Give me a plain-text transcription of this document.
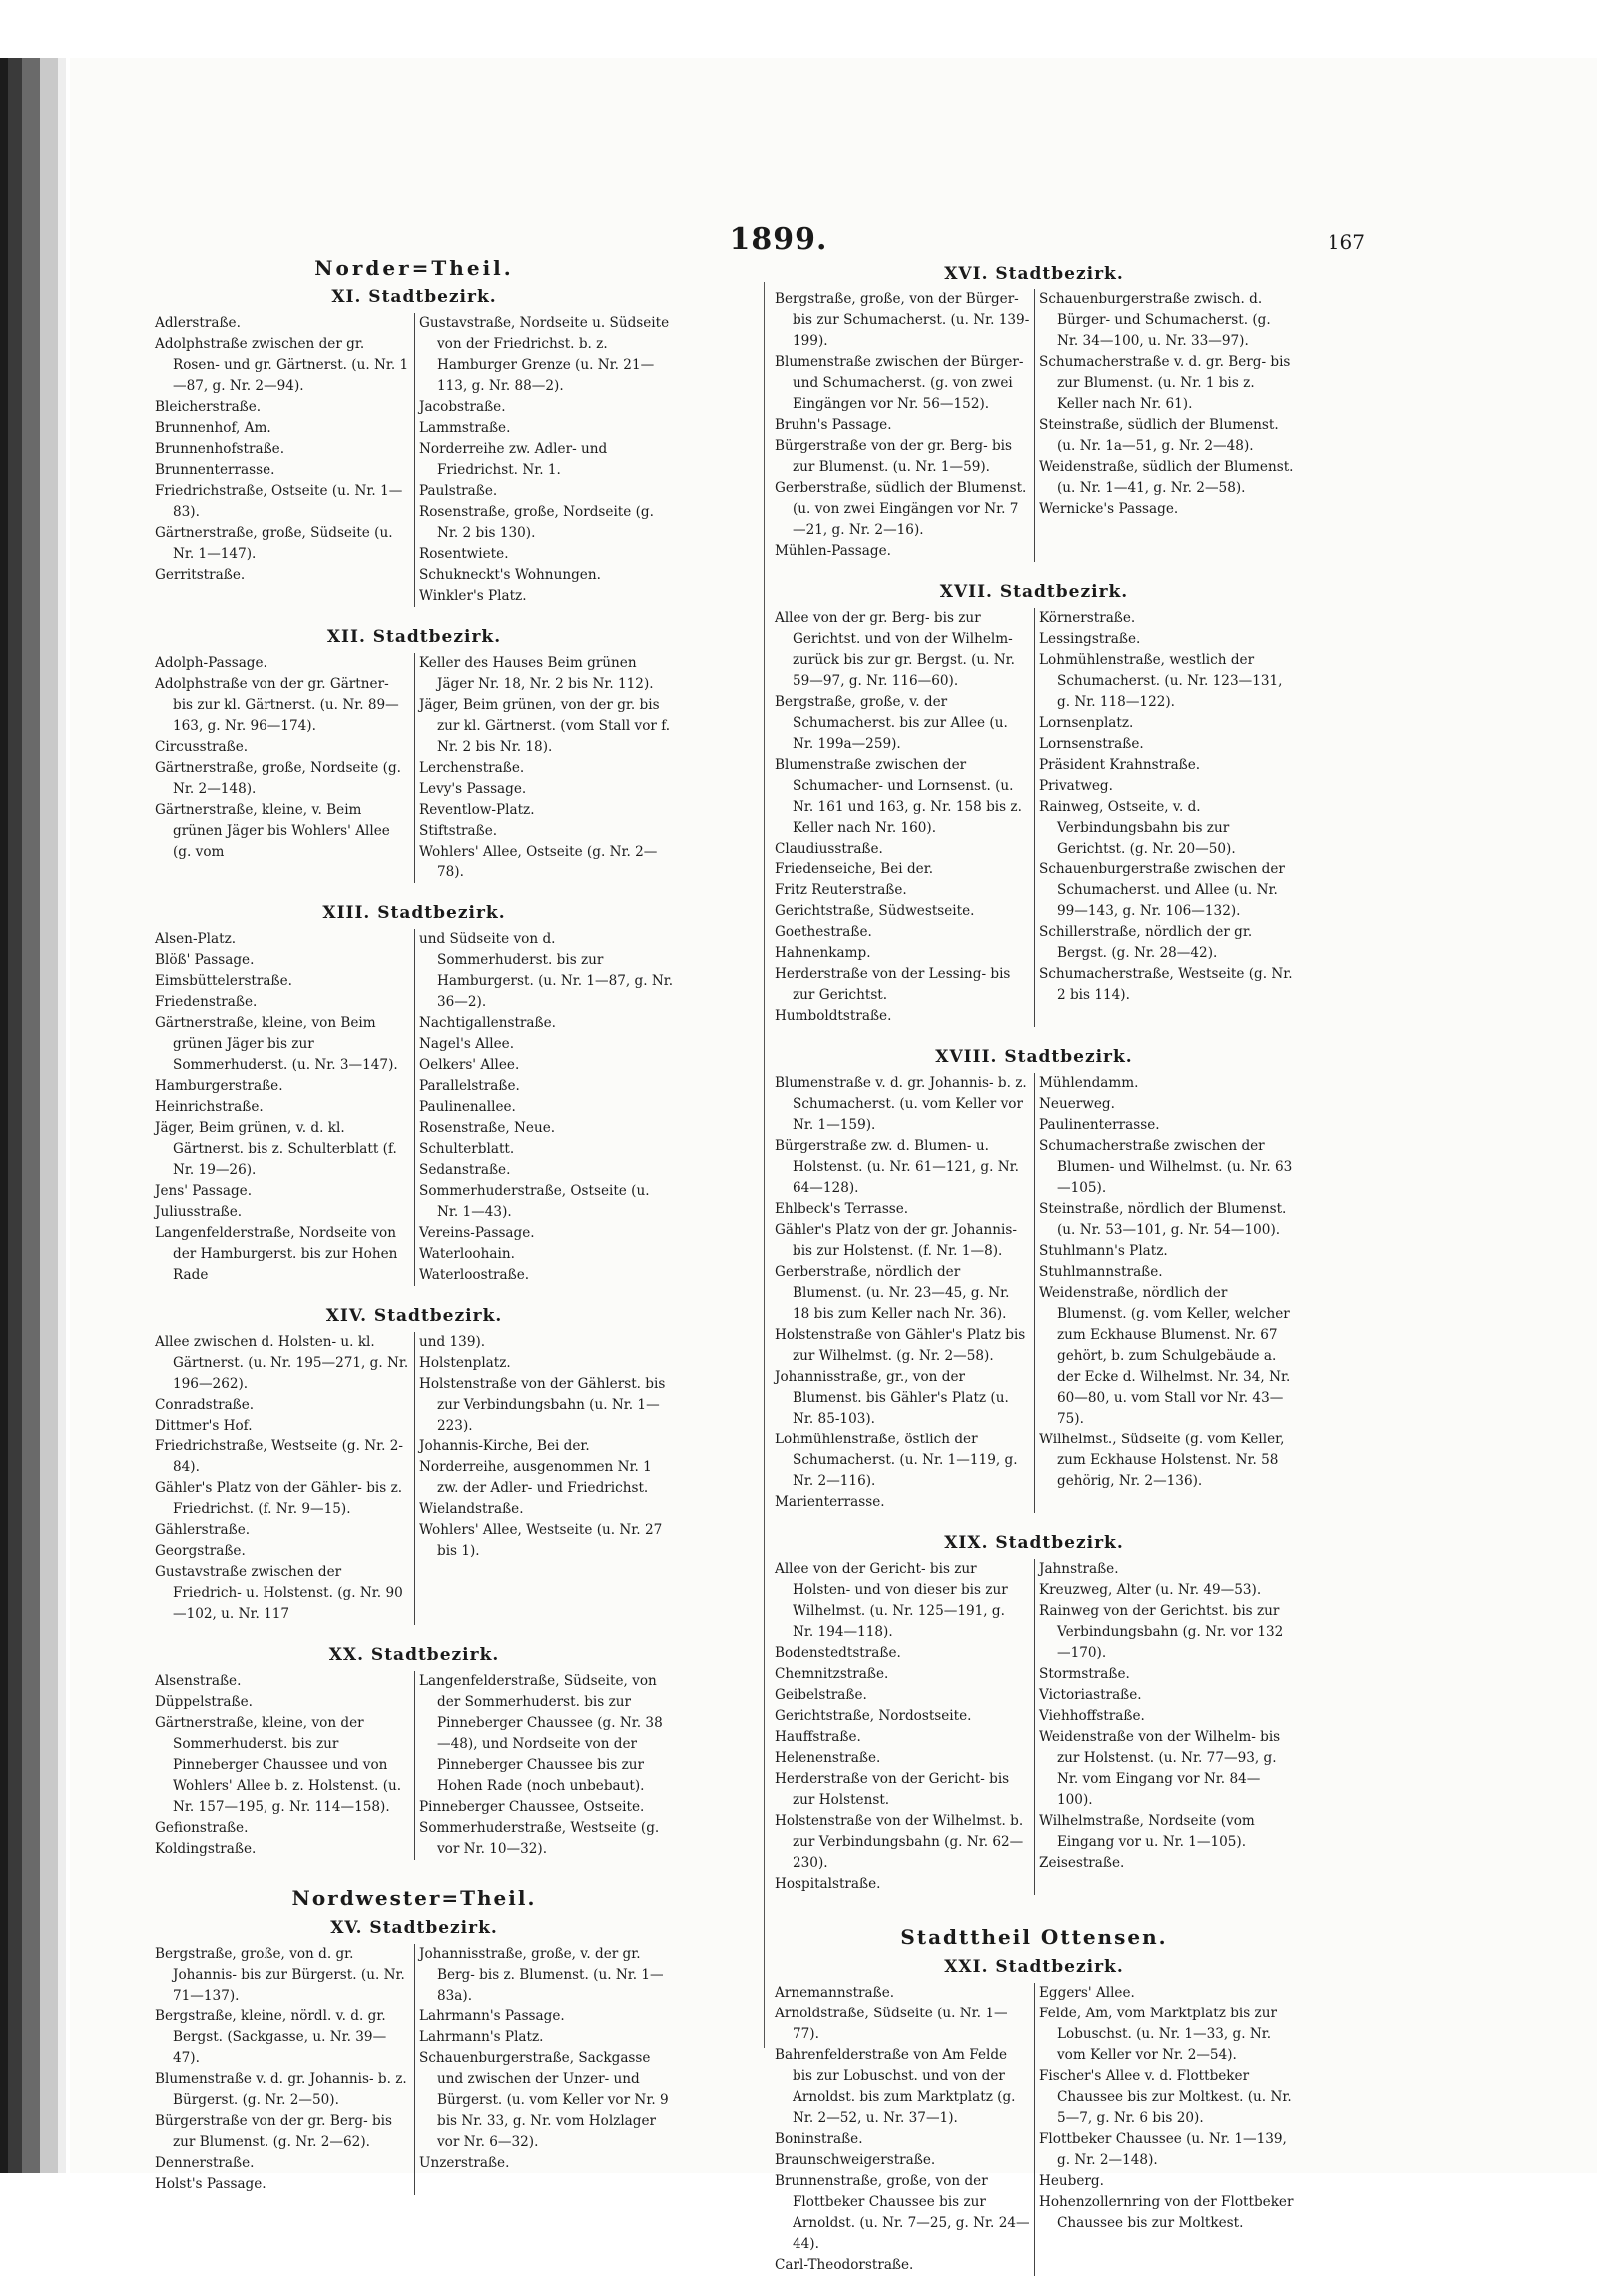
1899.	167
Norder=Theil.
XI. Stadtbezirk.
Adlerstraße.
Adolphstraße zwischen der gr. Rosen- und gr. Gärtnerst. (u. Nr. 1—87, g. Nr. 2—94).
Bleicherstraße.
Brunnenhof, Am.
Brunnenhofstraße.
Brunnenterrasse.
Friedrichstraße, Ostseite (u. Nr. 1—83).
Gärtnerstraße, große, Südseite (u. Nr. 1—147).
Gerritstraße.
Gustavstraße, Nordseite u. Südseite von der Friedrichst. b. z. Hamburger Grenze (u. Nr. 21—113, g. Nr. 88—2).
Jacobstraße.
Lammstraße.
Norderreihe zw. Adler- und Friedrichst. Nr. 1.
Paulstraße.
Rosenstraße, große, Nordseite (g. Nr. 2 bis 130).
Rosentwiete.
Schukneckt's Wohnungen.
Winkler's Platz.
XII. Stadtbezirk.
Adolph-Passage.
Adolphstraße von der gr. Gärtner- bis zur kl. Gärtnerst. (u. Nr. 89—163, g. Nr. 96—174).
Circusstraße.
Gärtnerstraße, große, Nordseite (g. Nr. 2—148).
Gärtnerstraße, kleine, v. Beim grünen Jäger bis Wohlers' Allee (g. vom
Keller des Hauses Beim grünen Jäger Nr. 18, Nr. 2 bis Nr. 112).
Jäger, Beim grünen, von der gr. bis zur kl. Gärtnerst. (vom Stall vor f. Nr. 2 bis Nr. 18).
Lerchenstraße.
Levy's Passage.
Reventlow-Platz.
Stiftstraße.
Wohlers' Allee, Ostseite (g. Nr. 2—78).
XIII. Stadtbezirk.
Alsen-Platz.
Blöß' Passage.
Eimsbüttelerstraße.
Friedenstraße.
Gärtnerstraße, kleine, von Beim grünen Jäger bis zur Sommerhuderst. (u. Nr. 3—147).
Hamburgerstraße.
Heinrichstraße.
Jäger, Beim grünen, v. d. kl. Gärtnerst. bis z. Schulterblatt (f. Nr. 19—26).
Jens' Passage.
Juliusstraße.
Langenfelderstraße, Nordseite von der Hamburgerst. bis zur Hohen Rade
und Südseite von d. Sommerhuderst. bis zur Hamburgerst. (u. Nr. 1—87, g. Nr. 36—2).
Nachtigallenstraße.
Nagel's Allee.
Oelkers' Allee.
Parallelstraße.
Paulinenallee.
Rosenstraße, Neue.
Schulterblatt.
Sedanstraße.
Sommerhuderstraße, Ostseite (u. Nr. 1—43).
Vereins-Passage.
Waterloohain.
Waterloostraße.
XIV. Stadtbezirk.
Allee zwischen d. Holsten- u. kl. Gärtnerst. (u. Nr. 195—271, g. Nr. 196—262).
Conradstraße.
Dittmer's Hof.
Friedrichstraße, Westseite (g. Nr. 2-84).
Gähler's Platz von der Gähler- bis z. Friedrichst. (f. Nr. 9—15).
Gählerstraße.
Georgstraße.
Gustavstraße zwischen der Friedrich- u. Holstenst. (g. Nr. 90—102, u. Nr. 117
und 139).
Holstenplatz.
Holstenstraße von der Gählerst. bis zur Verbindungsbahn (u. Nr. 1—223).
Johannis-Kirche, Bei der.
Norderreihe, ausgenommen Nr. 1 zw. der Adler- und Friedrichst.
Wielandstraße.
Wohlers' Allee, Westseite (u. Nr. 27 bis 1).
XX. Stadtbezirk.
Alsenstraße.
Düppelstraße.
Gärtnerstraße, kleine, von der Sommerhuderst. bis zur Pinneberger Chaussee und von Wohlers' Allee b. z. Holstenst. (u. Nr. 157—195, g. Nr. 114—158).
Gefionstraße.
Koldingstraße.
Langenfelderstraße, Südseite, von der Sommerhuderst. bis zur Pinneberger Chaussee (g. Nr. 38—48), und Nordseite von der Pinneberger Chaussee bis zur Hohen Rade (noch unbebaut).
Pinneberger Chaussee, Ostseite.
Sommerhuderstraße, Westseite (g. vor Nr. 10—32).
Nordwester=Theil.
XV. Stadtbezirk.
Bergstraße, große, von d. gr. Johannis- bis zur Bürgerst. (u. Nr. 71—137).
Bergstraße, kleine, nördl. v. d. gr. Bergst. (Sackgasse, u. Nr. 39—47).
Blumenstraße v. d. gr. Johannis- b. z. Bürgerst. (g. Nr. 2—50).
Bürgerstraße von der gr. Berg- bis zur Blumenst. (g. Nr. 2—62).
Dennerstraße.
Holst's Passage.
Johannisstraße, große, v. der gr. Berg- bis z. Blumenst. (u. Nr. 1—83a).
Lahrmann's Passage.
Lahrmann's Platz.
Schauenburgerstraße, Sackgasse und zwischen der Unzer- und Bürgerst. (u. vom Keller vor Nr. 9 bis Nr. 33, g. Nr. vom Holzlager vor Nr. 6—32).
Unzerstraße.
XVI. Stadtbezirk.
Bergstraße, große, von der Bürger- bis zur Schumacherst. (u. Nr. 139-199).
Blumenstraße zwischen der Bürger- und Schumacherst. (g. von zwei Eingängen vor Nr. 56—152).
Bruhn's Passage.
Bürgerstraße von der gr. Berg- bis zur Blumenst. (u. Nr. 1—59).
Gerberstraße, südlich der Blumenst. (u. von zwei Eingängen vor Nr. 7—21, g. Nr. 2—16).
Mühlen-Passage.
Schauenburgerstraße zwisch. d. Bürger- und Schumacherst. (g. Nr. 34—100, u. Nr. 33—97).
Schumacherstraße v. d. gr. Berg- bis zur Blumenst. (u. Nr. 1 bis z. Keller nach Nr. 61).
Steinstraße, südlich der Blumenst. (u. Nr. 1a—51, g. Nr. 2—48).
Weidenstraße, südlich der Blumenst. (u. Nr. 1—41, g. Nr. 2—58).
Wernicke's Passage.
XVII. Stadtbezirk.
Allee von der gr. Berg- bis zur Gerichtst. und von der Wilhelm- zurück bis zur gr. Bergst. (u. Nr. 59—97, g. Nr. 116—60).
Bergstraße, große, v. der Schumacherst. bis zur Allee (u. Nr. 199a—259).
Blumenstraße zwischen der Schumacher- und Lornsenst. (u. Nr. 161 und 163, g. Nr. 158 bis z. Keller nach Nr. 160).
Claudiusstraße.
Friedenseiche, Bei der.
Fritz Reuterstraße.
Gerichtstraße, Südwestseite.
Goethestraße.
Hahnenkamp.
Herderstraße von der Lessing- bis zur Gerichtst.
Humboldtstraße.
Körnerstraße.
Lessingstraße.
Lohmühlenstraße, westlich der Schumacherst. (u. Nr. 123—131, g. Nr. 118—122).
Lornsenplatz.
Lornsenstraße.
Präsident Krahnstraße.
Privatweg.
Rainweg, Ostseite, v. d. Verbindungsbahn bis zur Gerichtst. (g. Nr. 20—50).
Schauenburgerstraße zwischen der Schumacherst. und Allee (u. Nr. 99—143, g. Nr. 106—132).
Schillerstraße, nördlich der gr. Bergst. (g. Nr. 28—42).
Schumacherstraße, Westseite (g. Nr. 2 bis 114).
XVIII. Stadtbezirk.
Blumenstraße v. d. gr. Johannis- b. z. Schumacherst. (u. vom Keller vor Nr. 1—159).
Bürgerstraße zw. d. Blumen- u. Holstenst. (u. Nr. 61—121, g. Nr. 64—128).
Ehlbeck's Terrasse.
Gähler's Platz von der gr. Johannis- bis zur Holstenst. (f. Nr. 1—8).
Gerberstraße, nördlich der Blumenst. (u. Nr. 23—45, g. Nr. 18 bis zum Keller nach Nr. 36).
Holstenstraße von Gähler's Platz bis zur Wilhelmst. (g. Nr. 2—58).
Johannisstraße, gr., von der Blumenst. bis Gähler's Platz (u. Nr. 85-103).
Lohmühlenstraße, östlich der Schumacherst. (u. Nr. 1—119, g. Nr. 2—116).
Marienterrasse.
Mühlendamm.
Neuerweg.
Paulinenterrasse.
Schumacherstraße zwischen der Blumen- und Wilhelmst. (u. Nr. 63—105).
Steinstraße, nördlich der Blumenst. (u. Nr. 53—101, g. Nr. 54—100).
Stuhlmann's Platz.
Stuhlmannstraße.
Weidenstraße, nördlich der Blumenst. (g. vom Keller, welcher zum Eckhause Blumenst. Nr. 67 gehört, b. zum Schulgebäude a. der Ecke d. Wilhelmst. Nr. 34, Nr. 60—80, u. vom Stall vor Nr. 43—75).
Wilhelmst., Südseite (g. vom Keller, zum Eckhause Holstenst. Nr. 58 gehörig, Nr. 2—136).
XIX. Stadtbezirk.
Allee von der Gericht- bis zur Holsten- und von dieser bis zur Wilhelmst. (u. Nr. 125—191, g. Nr. 194—118).
Bodenstedtstraße.
Chemnitzstraße.
Geibelstraße.
Gerichtstraße, Nordostseite.
Hauffstraße.
Helenenstraße.
Herderstraße von der Gericht- bis zur Holstenst.
Holstenstraße von der Wilhelmst. b. zur Verbindungsbahn (g. Nr. 62—230).
Hospitalstraße.
Jahnstraße.
Kreuzweg, Alter (u. Nr. 49—53).
Rainweg von der Gerichtst. bis zur Verbindungsbahn (g. Nr. vor 132—170).
Stormstraße.
Victoriastraße.
Viehhoffstraße.
Weidenstraße von der Wilhelm- bis zur Holstenst. (u. Nr. 77—93, g. Nr. vom Eingang vor Nr. 84—100).
Wilhelmstraße, Nordseite (vom Eingang vor u. Nr. 1—105).
Zeisestraße.
Stadttheil Ottensen.
XXI. Stadtbezirk.
Arnemannstraße.
Arnoldstraße, Südseite (u. Nr. 1—77).
Bahrenfelderstraße von Am Felde bis zur Lobuschst. und von der Arnoldst. bis zum Marktplatz (g. Nr. 2—52, u. Nr. 37—1).
Boninstraße.
Braunschweigerstraße.
Brunnenstraße, große, von der Flottbeker Chaussee bis zur Arnoldst. (u. Nr. 7—25, g. Nr. 24—44).
Carl-Theodorstraße.
Eggers' Allee.
Felde, Am, vom Marktplatz bis zur Lobuschst. (u. Nr. 1—33, g. Nr. vom Keller vor Nr. 2—54).
Fischer's Allee v. d. Flottbeker Chaussee bis zur Moltkest. (u. Nr. 5—7, g. Nr. 6 bis 20).
Flottbeker Chaussee (u. Nr. 1—139, g. Nr. 2—148).
Heuberg.
Hohenzollernring von der Flottbeker Chaussee bis zur Moltkest.
